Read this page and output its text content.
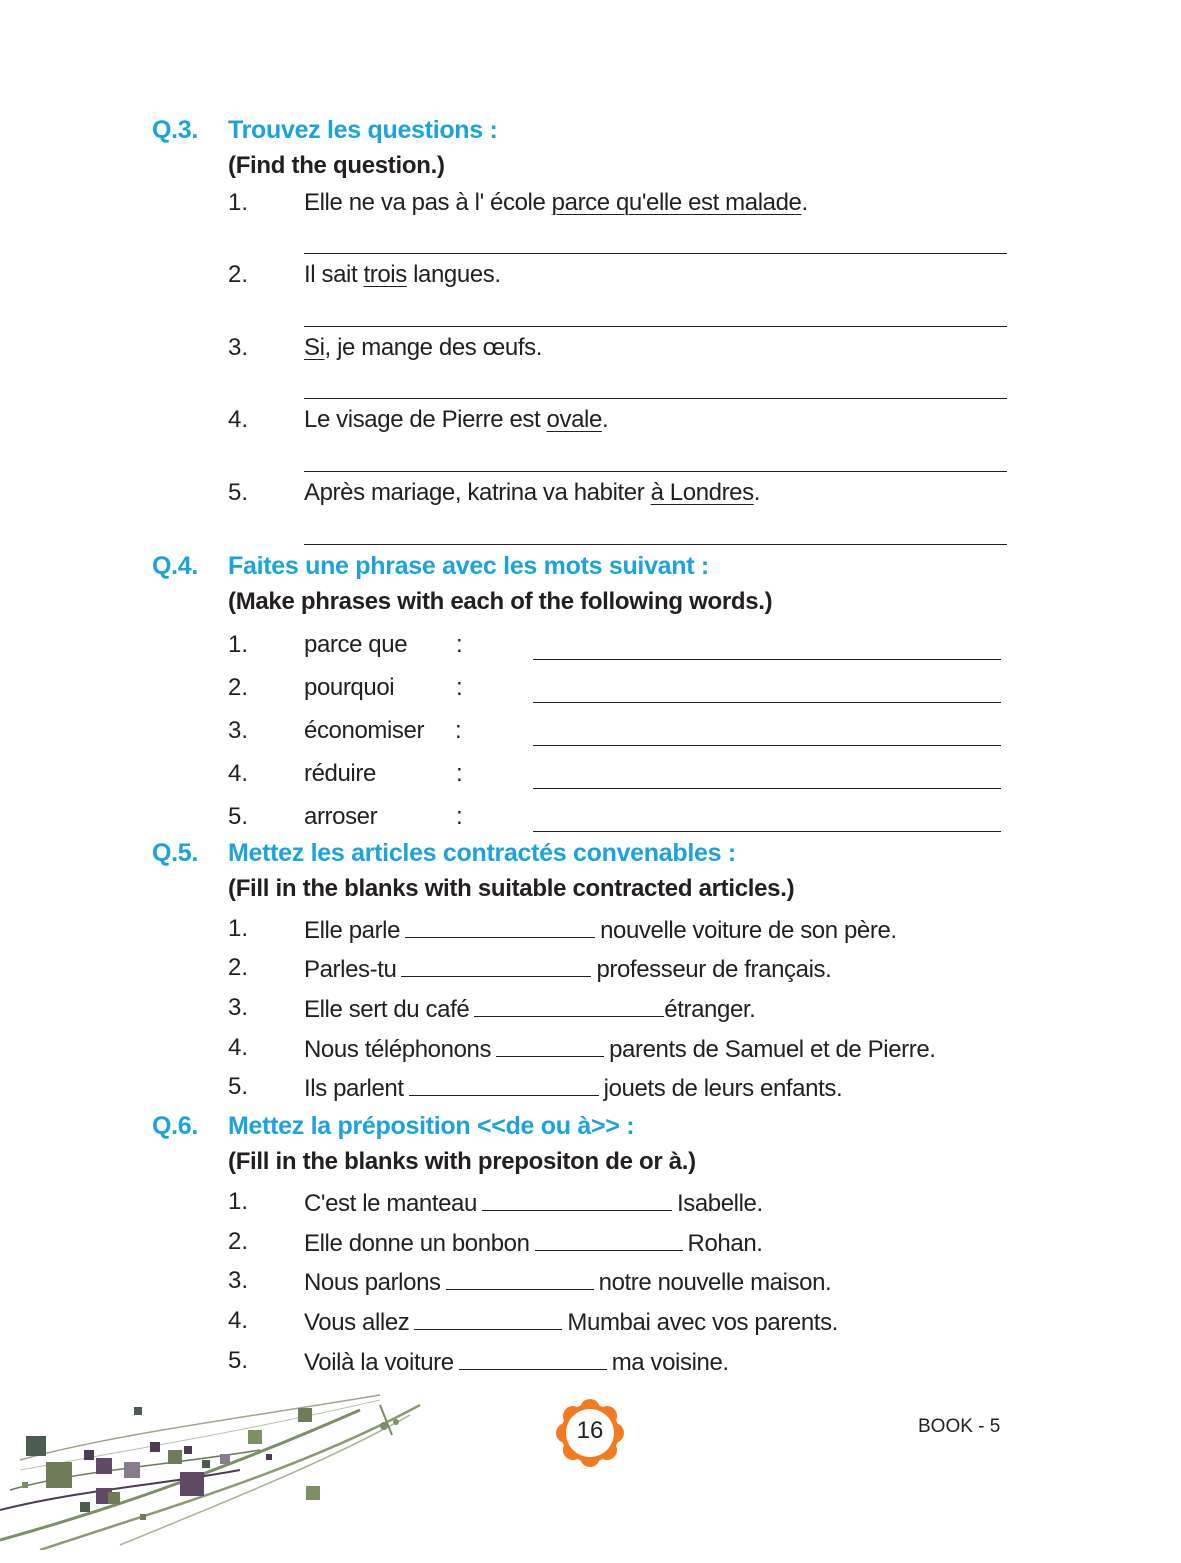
Q.3. Trouvez les questions :
(Find the question.)
1. Elle ne va pas à l' école parce qu'elle est malade.
2. Il sait trois langues.
3. Si, je mange des œufs.
4. Le visage de Pierre est ovale.
5. Après mariage, katrina va habiter à Londres.
Q.4. Faites une phrase avec les mots suivant :
(Make phrases with each of the following words.)
1. parce que :
2. pourquoi	:
3. économiser :
4. réduire	:
5. arroser	:
Q.5. Mettez les articles contractés convenables :
(Fill in the blanks with suitable contracted articles.)
1. Elle parle	nouvelle voiture de son père.
2. Parles-tu	professeur de français.
3. Elle sert du café	étranger.
4. Nous téléphonons	parents de Samuel et de Pierre.
5. Ils parlent	jouets de leurs enfants.
Q.6. Mettez la préposition <<de ou à>> :
(Fill in the blanks with prepositon de or à.)
1. C'est le manteau	Isabelle.
2. Elle donne un bonbon	Rohan.
3. Nous parlons	notre nouvelle maison.
4. Vous allez	Mumbai avec vos parents.
5. Voilà la voiture	ma voisine.
16	BOOK - 5
